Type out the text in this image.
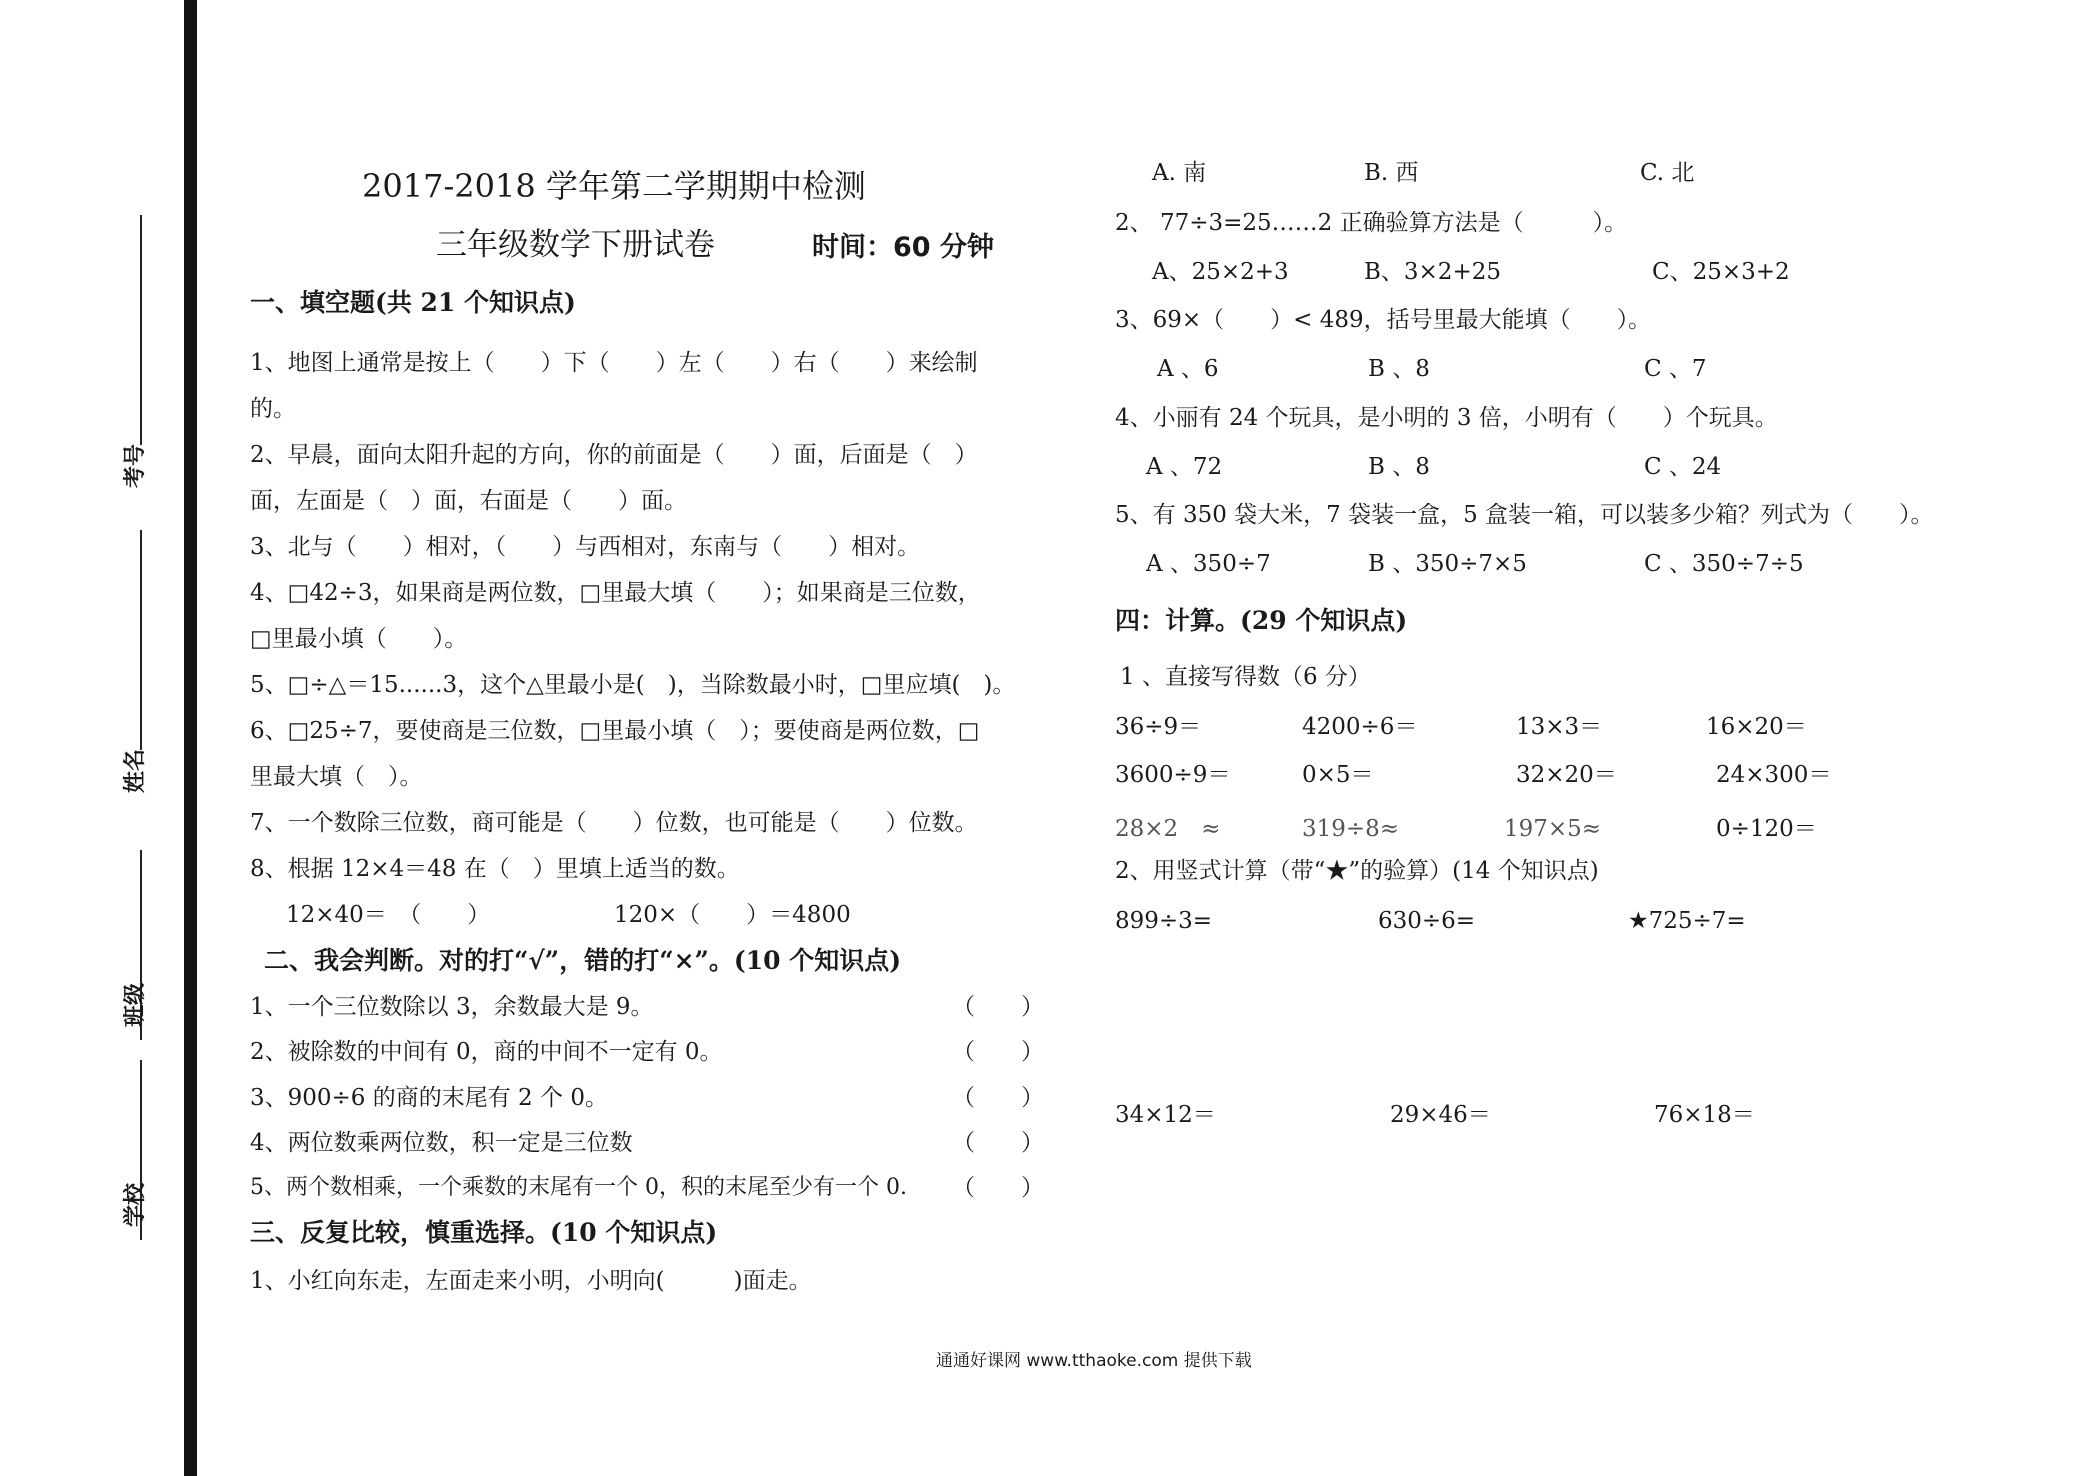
考号
姓名
班级
学校
2017-2018 学年第二学期期中检测
三年级数学下册试卷	时间：60 分钟
一、填空题(共 21 个知识点)
1、地图上通常是按上（　　）下（　　）左（　　）右（　　）来绘制
的。
2、早晨，面向太阳升起的方向，你的前面是（　　）面，后面是（　）
面，左面是（　）面，右面是（　　）面。
3、北与（　　）相对，（　　）与西相对，东南与（　　）相对。
4、□42÷3，如果商是两位数，□里最大填（　　）；如果商是三位数，
□里最小填（　　）。
5、□÷△＝15......3，这个△里最小是(　)，当除数最小时，□里应填(　)。
6、□25÷7，要使商是三位数，□里最小填（　）；要使商是两位数，□
里最大填（　）。
7、一个数除三位数，商可能是（　　）位数，也可能是（　　）位数。
8、根据 12×4＝48 在（　）里填上适当的数。
12×40＝　（　　）	120×（　　）＝4800
二、我会判断。对的打“√”，错的打“×”。(10 个知识点)
1、一个三位数除以 3，余数最大是 9。	（　　）
2、被除数的中间有 0，商的中间不一定有 0。	（　　）
3、900÷6 的商的末尾有 2 个 0。	（　　）
4、两位数乘两位数，积一定是三位数	（　　）
5、两个数相乘，一个乘数的末尾有一个 0，积的末尾至少有一个 0. （　　）
三、反复比较，慎重选择。(10 个知识点)
1、小红向东走，左面走来小明，小明向(　　　)面走。
A. 南	B. 西	C. 北
2、 77÷3=25……2 正确验算方法是（　　　）。
A、25×2+3	B、3×2+25	C、25×3+2
3、69×（　　）< 489，括号里最大能填（　　）。
A 、6	B 、8	C 、7
4、小丽有 24 个玩具，是小明的 3 倍，小明有（　　）个玩具。
A 、72	B 、8	C 、24
5、有 350 袋大米，7 袋装一盒，5 盒装一箱，可以装多少箱？列式为（　　）。
A 、350÷7	B 、350÷7×5	C 、350÷7÷5
四：计算。(29 个知识点)
1 、直接写得数（6 分）
36÷9＝	4200÷6＝	13×3＝	16×20＝
3600÷9＝	0×5＝	32×20＝	24×300＝
28×2　≈	319÷8≈	197×5≈	0÷120＝
2、用竖式计算（带“★”的验算）(14 个知识点)
899÷3=	630÷6=	★725÷7=
34×12＝	29×46＝	76×18＝
通通好课网 www.tthaoke.com 提供下载
